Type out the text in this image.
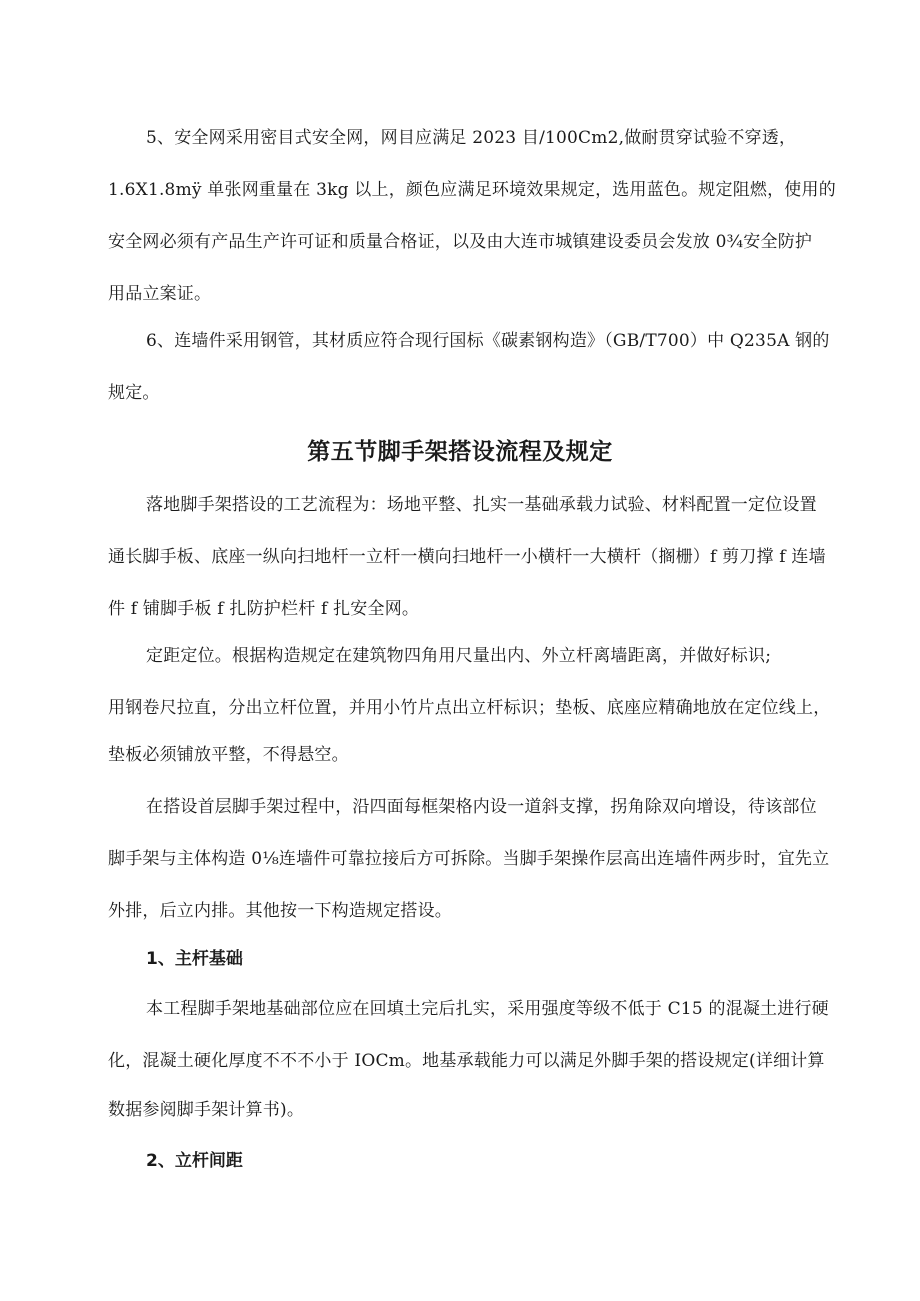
5、安全网采用密目式安全网，网目应满足 2023 目/100Cm2,做耐贯穿试验不穿透，
1.6X1.8mÿ 单张网重量在 3kg 以上，颜色应满足环境效果规定，选用蓝色。规定阻燃，使用的
安全网必须有产品生产许可证和质量合格证，以及由大连市城镇建设委员会发放 0¾安全防护
用品立案证。
6、连墙件采用钢管，其材质应符合现行国标《碳素钢构造》（GB/T700）中 Q235A 钢的
规定。
第五节脚手架搭设流程及规定
落地脚手架搭设的工艺流程为：场地平整、扎实一基础承载力试验、材料配置一定位设置
通长脚手板、底座一纵向扫地杆一立杆一横向扫地杆一小横杆一大横杆（搁栅）f 剪刀撑 f 连墙
件 f 铺脚手板 f 扎防护栏杆 f 扎安全网。
定距定位。根据构造规定在建筑物四角用尺量出内、外立杆离墙距离，并做好标识;
用钢卷尺拉直，分出立杆位置，并用小竹片点出立杆标识；垫板、底座应精确地放在定位线上，
垫板必须铺放平整，不得悬空。
在搭设首层脚手架过程中，沿四面每框架格内设一道斜支撑，拐角除双向增设，待该部位
脚手架与主体构造 0⅛连墙件可靠拉接后方可拆除。当脚手架操作层高出连墙件两步时，宜先立
外排，后立内排。其他按一下构造规定搭设。
1、主杆基础
本工程脚手架地基础部位应在回填土完后扎实，采用强度等级不低于 C15 的混凝土进行硬
化，混凝土硬化厚度不不不小于 IOCm。地基承载能力可以满足外脚手架的搭设规定(详细计算
数据参阅脚手架计算书)。
2、立杆间距
